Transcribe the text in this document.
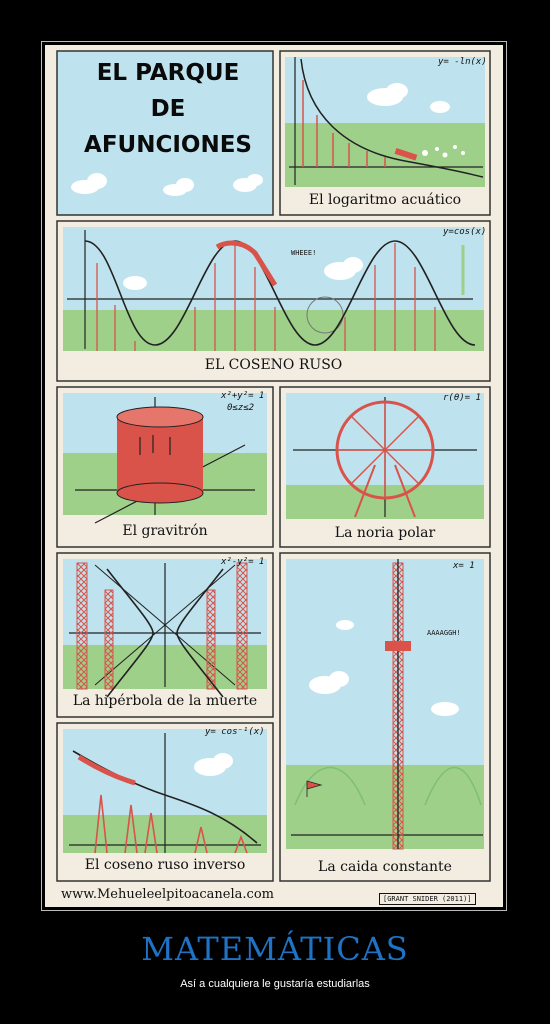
EL PARQUE
DE
AFUNCIONES
y= -ln(x)
El logaritmo acuático
y=cos(x)
WHEEE!
EL COSENO RUSO
x²+y²= 1
0≤z≤2
El gravitrón
r(θ)= 1
La noria polar
x²-y²= 1
La hipérbola de la muerte
x= 1
AAAAGGH!
La caida constante
y= cos⁻¹(x)
El coseno ruso inverso
www.Mehueleelpitoacanela.com	[GRANT SNIDER (2011)]
MATEMÁTICAS
Así a cualquiera le gustaría estudiarlas
